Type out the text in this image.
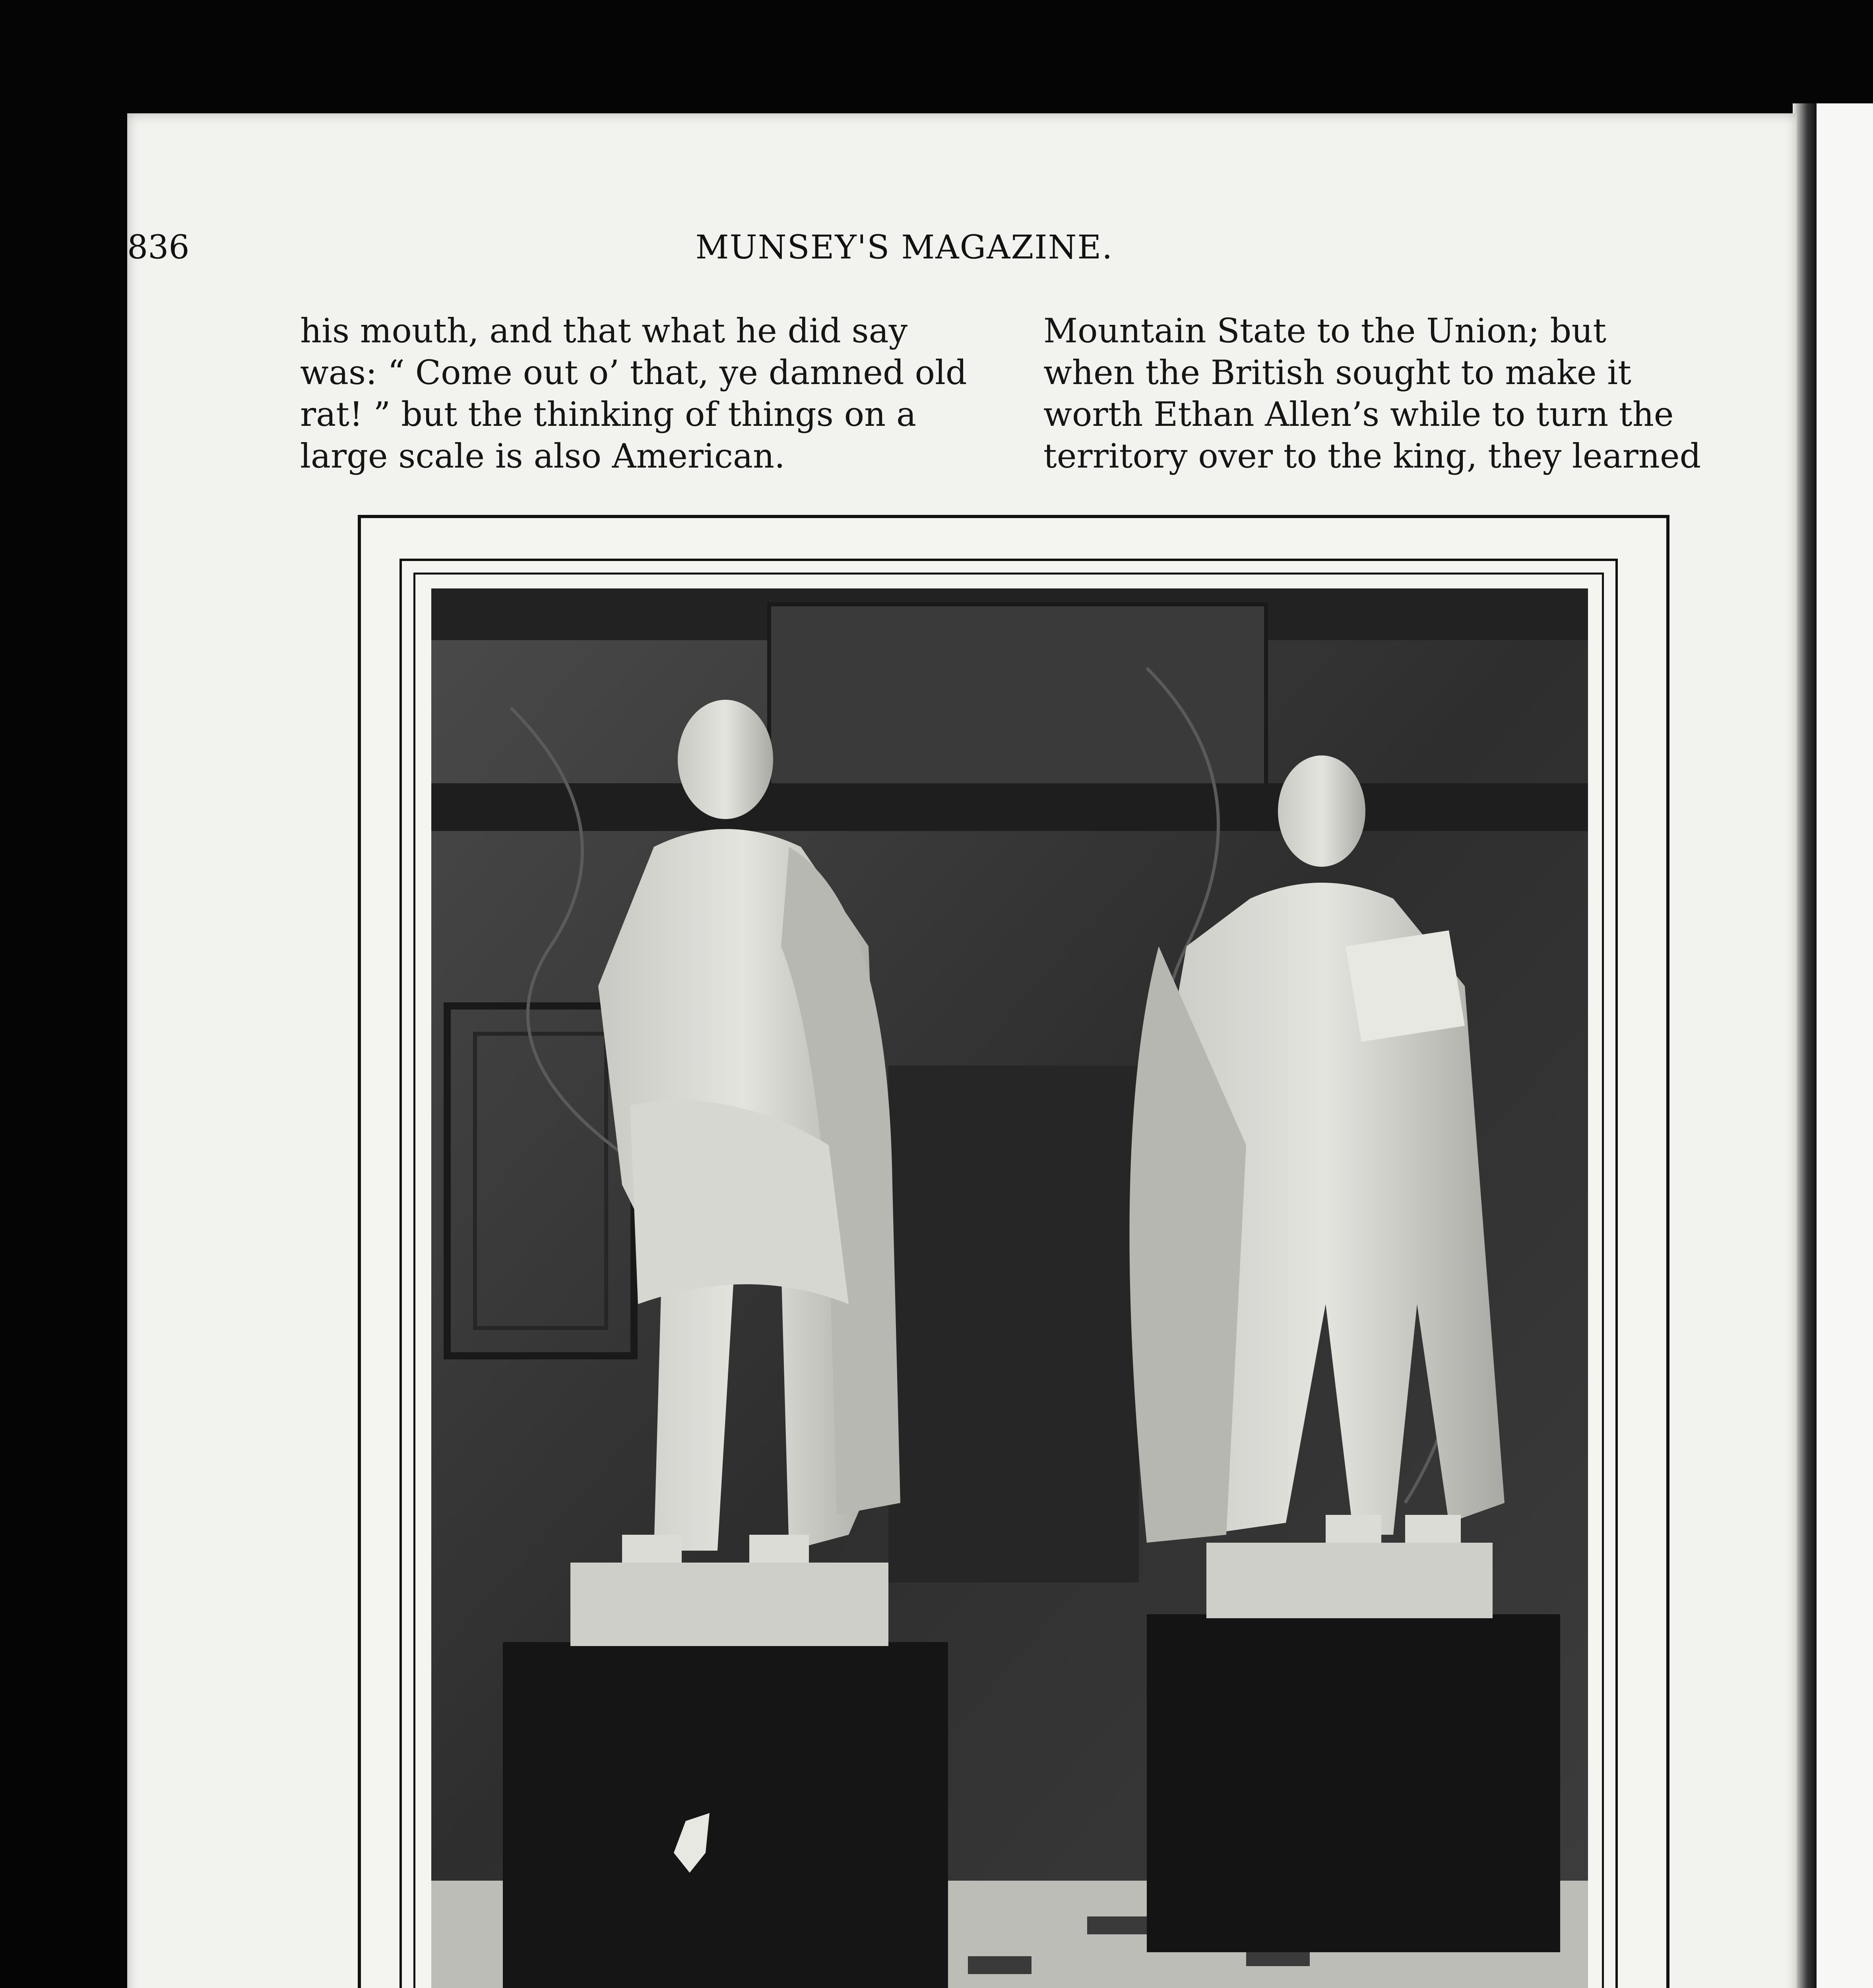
836	MUNSEY'S MAGAZINE.
his mouth, and that what he did say
was: “ Come out o’ that, ye damned old
rat! ” but the thinking of things on a
large scale is also American.
Mountain State to the Union; but
when the British sought to make it
worth Ethan Allen’s while to turn the
territory over to the king, they learned
